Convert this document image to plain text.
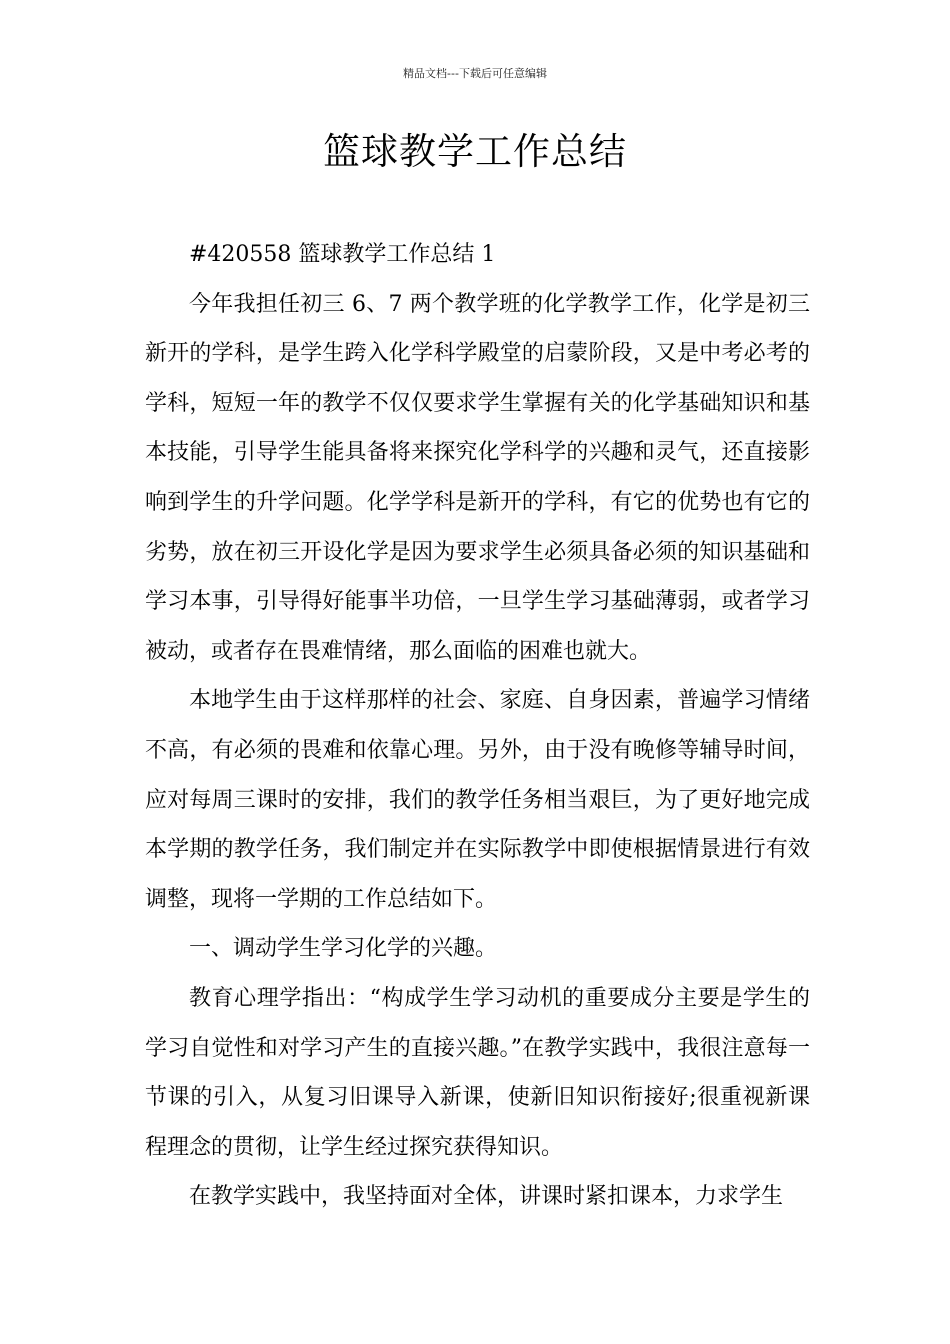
精品文档---下载后可任意编辑
篮球教学工作总结

#420558 篮球教学工作总结 1

今年我担任初三 6、7 两个教学班的化学教学工作，化学是初三新开的学科，是学生跨入化学科学殿堂的启蒙阶段，又是中考必考的学科，短短一年的教学不仅仅要求学生掌握有关的化学基础知识和基本技能，引导学生能具备将来探究化学科学的兴趣和灵气，还直接影响到学生的升学问题。化学学科是新开的学科，有它的优势也有它的劣势，放在初三开设化学是因为要求学生必须具备必须的知识基础和学习本事，引导得好能事半功倍，一旦学生学习基础薄弱，或者学习被动，或者存在畏难情绪，那么面临的困难也就大。

本地学生由于这样那样的社会、家庭、自身因素，普遍学习情绪不高，有必须的畏难和依靠心理。另外，由于没有晚修等辅导时间，应对每周三课时的安排，我们的教学任务相当艰巨，为了更好地完成本学期的教学任务，我们制定并在实际教学中即使根据情景进行有效调整，现将一学期的工作总结如下。

一、调动学生学习化学的兴趣。

教育心理学指出：“构成学生学习动机的重要成分主要是学生的学习自觉性和对学习产生的直接兴趣。”在教学实践中，我很注意每一节课的引入，从复习旧课导入新课，使新旧知识衔接好;很重视新课程理念的贯彻，让学生经过探究获得知识。

在教学实践中，我坚持面对全体，讲课时紧扣课本，力求学生
